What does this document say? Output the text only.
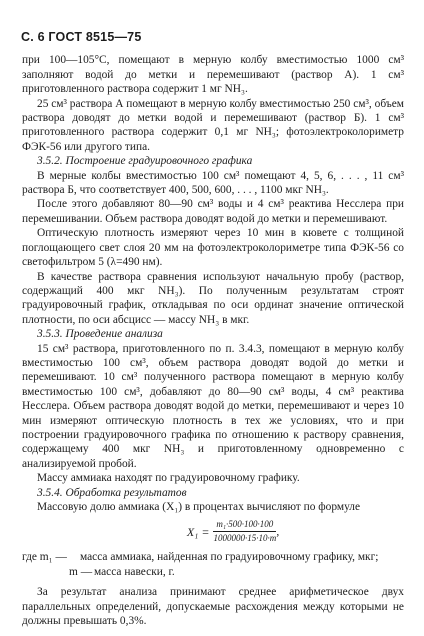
С. 6 ГОСТ 8515—75

при 100—105°С, помещают в мерную колбу вместимостью 1000 см³ заполняют водой до метки и перемешивают (раствор А). 1 см³ приготовленного раствора содержит 1 мг NH₃.

25 см³ раствора А помещают в мерную колбу вместимостью 250 см³, объем раствора доводят до метки водой и перемешивают (раствор Б). 1 см³ приготовленного раствора содержит 0,1 мг NH₃; фотоэлектроколориметр ФЭК-56 или другого типа.

3.5.2. Построение градуировочного графика

В мерные колбы вместимостью 100 см³ помещают 4, 5, 6, . . . , 11 см³ раствора Б, что соответствует 400, 500, 600, . . . , 1100 мкг NH₃.

После этого добавляют 80—90 см³ воды и 4 см³ реактива Несслера при перемешивании. Объем раствора доводят водой до метки и перемешивают.

Оптическую плотность измеряют через 10 мин в кювете с толщиной поглощающего свет слоя 20 мм на фотоэлектроколориметре типа ФЭК-56 со светофильтром 5 (λ=490 нм).

В качестве раствора сравнения используют начальную пробу (раствор, содержащий 400 мкг NH₃). По полученным результатам строят градуировочный график, откладывая по оси ординат значение оптической плотности, по оси абсцисс — массу NH₃ в мкг.

3.5.3. Проведение анализа

15 см³ раствора, приготовленного по п. 3.4.3, помещают в мерную колбу вместимостью 100 см³, объем раствора доводят водой до метки и перемешивают. 10 см³ полученного раствора помещают в мерную колбу вместимостью 100 см³, добавляют до 80—90 см³ воды, 4 см³ реактива Несслера. Объем раствора доводят водой до метки, перемешивают и через 10 мин измеряют оптическую плотность в тех же условиях, что и при построении градуировочного графика по отношению к раствору сравнения, содержащему 400 мкг NH₃ и приготовленному одновременно с анализируемой пробой.

Массу аммиака находят по градуировочному графику.

3.5.4. Обработка результатов

Массовую долю аммиака (X₁) в процентах вычисляют по формуле

$X_1 = \frac{\text{m₁·500·100·100}}{1000000\cdot 15\cdot 10\cdot m}$ ,
где m₁ —	масса аммиака, найденная по градуировочному графику, мкг;
m — масса навески, г.

За результат анализа принимают среднее арифметическое двух параллельных определений, допускаемые расхождения между которыми не должны превышать 0,3%.
